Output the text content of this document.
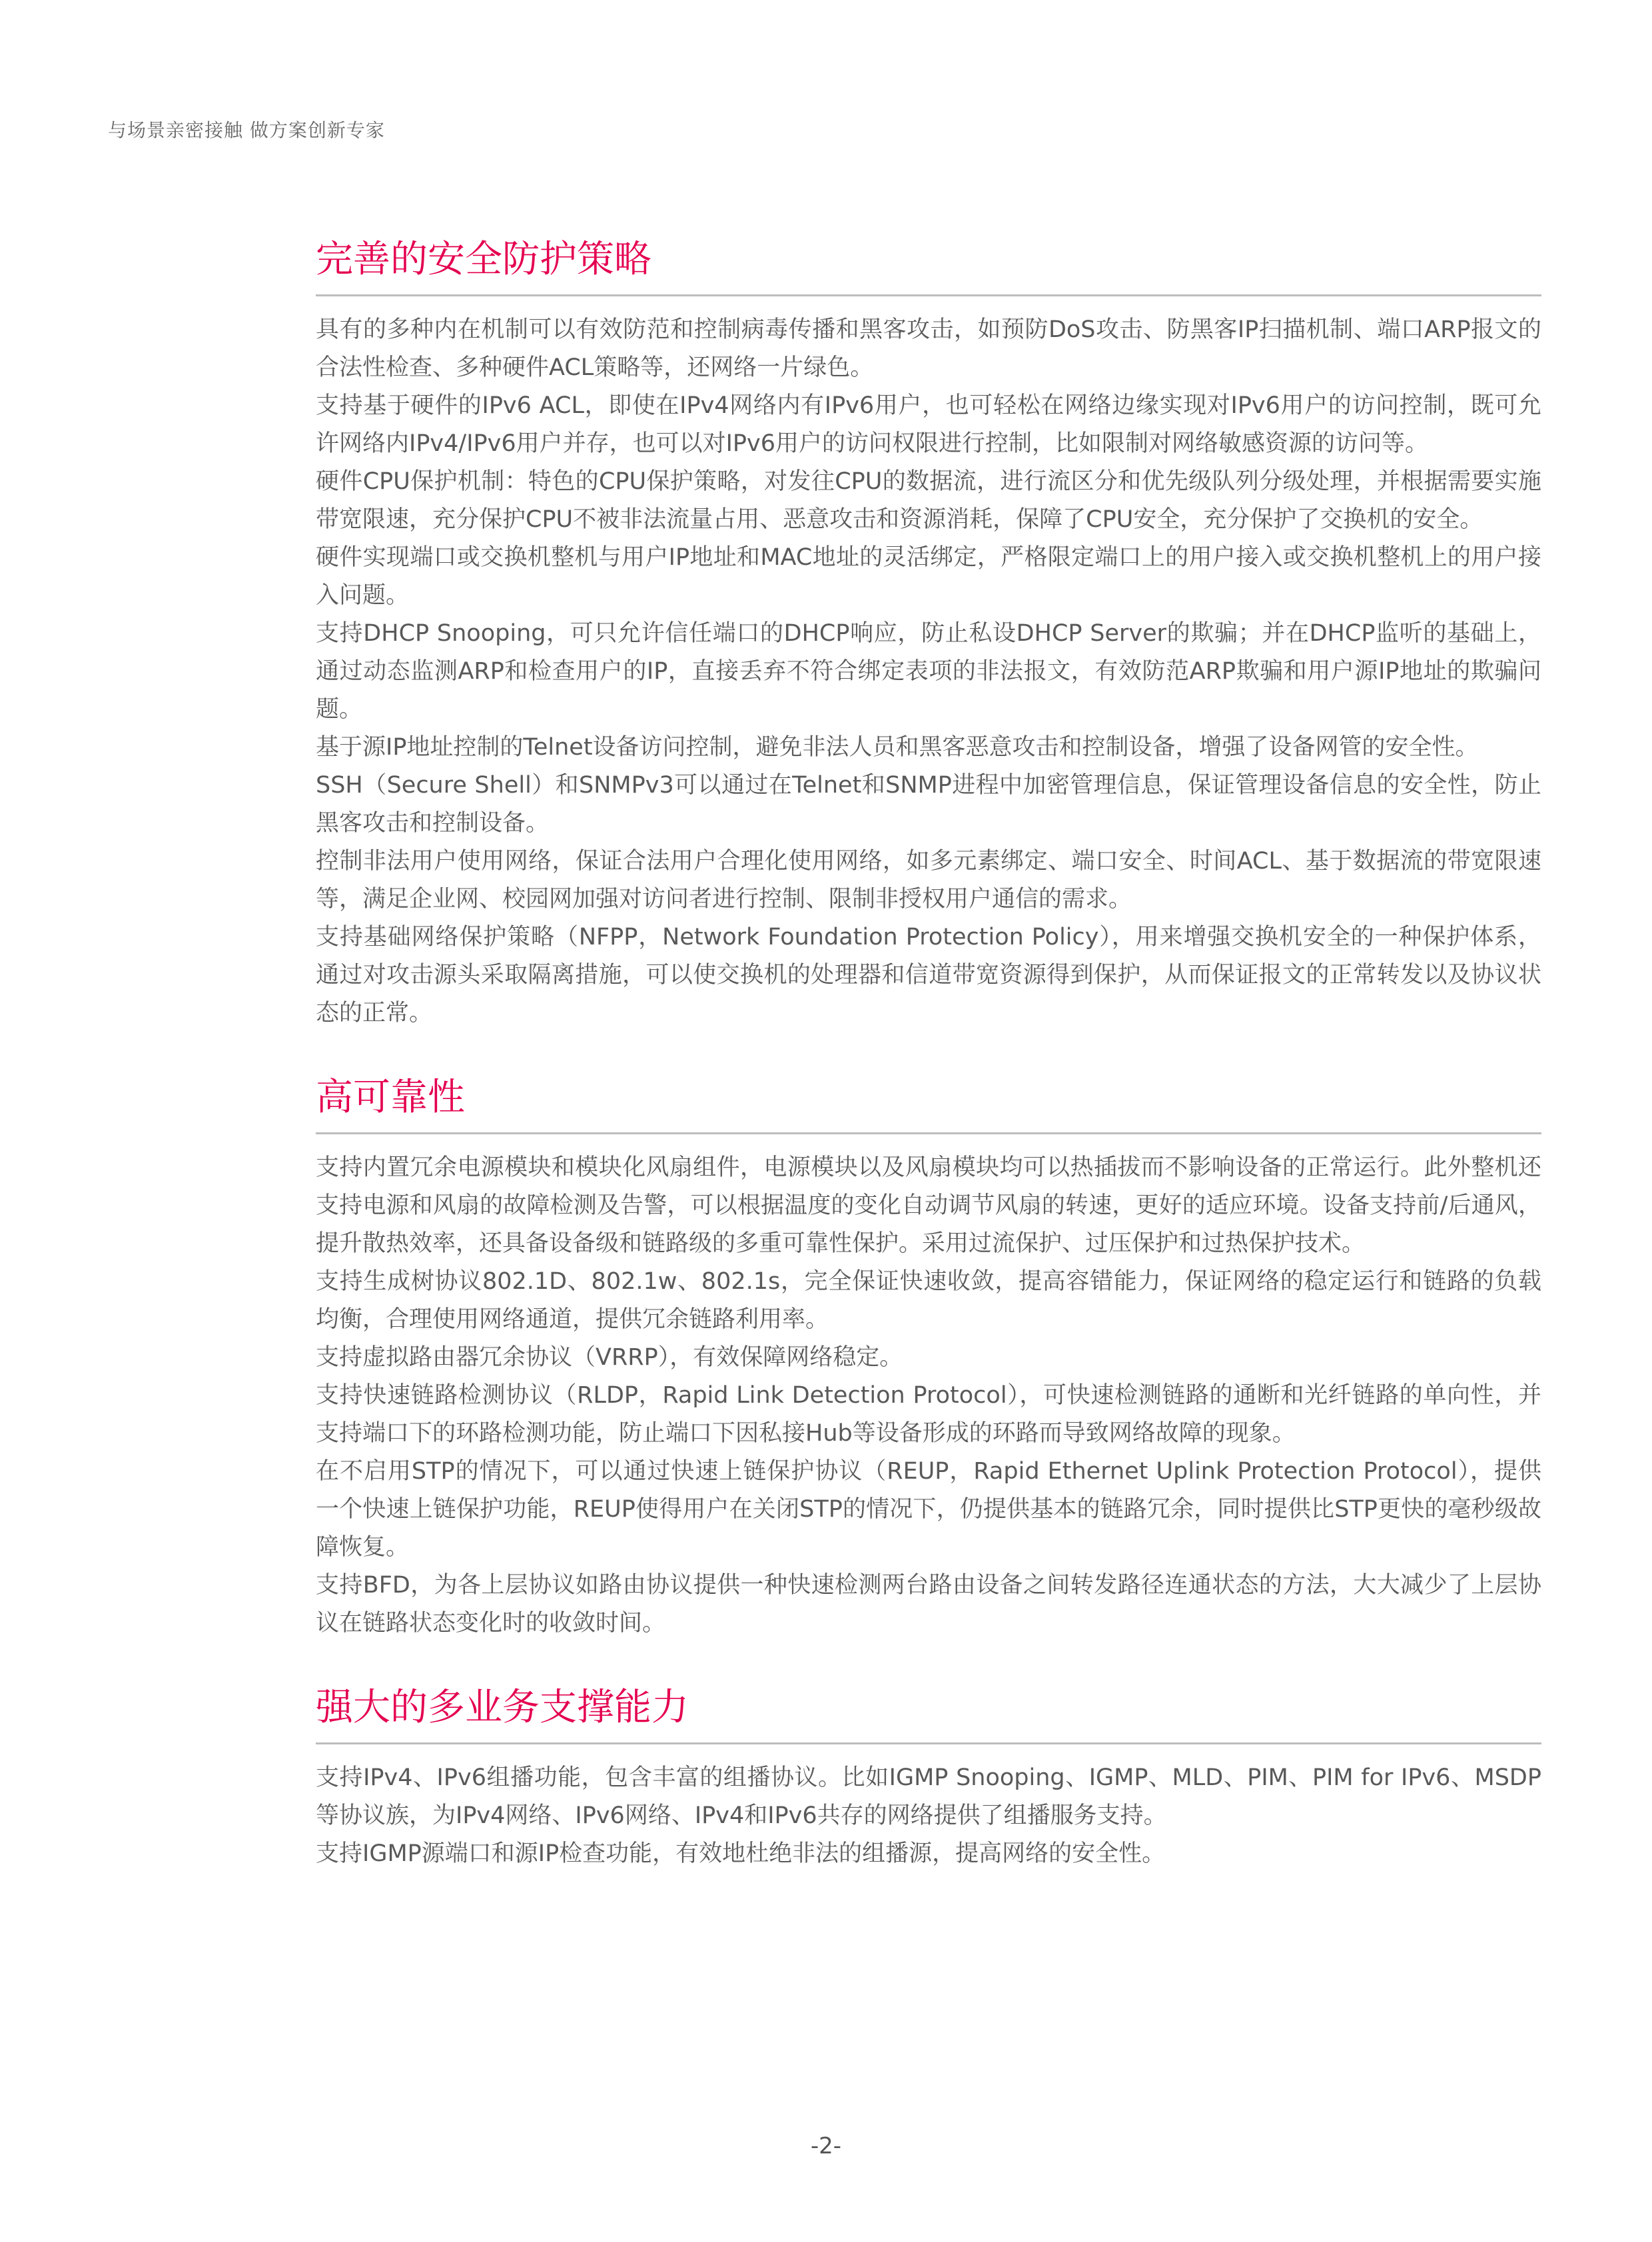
与场景亲密接触 做方案创新专家
完善的安全防护策略

具有的多种内在机制可以有效防范和控制病毒传播和黑客攻击，如预防DoS攻击、防黑客IP扫描机制、端口ARP报文的合法性检查、多种硬件ACL策略等，还网络一片绿色。

支持基于硬件的IPv6 ACL，即使在IPv4网络内有IPv6用户，也可轻松在网络边缘实现对IPv6用户的访问控制，既可允许网络内IPv4/IPv6用户并存，也可以对IPv6用户的访问权限进行控制，比如限制对网络敏感资源的访问等。

硬件CPU保护机制：特色的CPU保护策略，对发往CPU的数据流，进行流区分和优先级队列分级处理，并根据需要实施带宽限速，充分保护CPU不被非法流量占用、恶意攻击和资源消耗，保障了CPU安全，充分保护了交换机的安全。

硬件实现端口或交换机整机与用户IP地址和MAC地址的灵活绑定，严格限定端口上的用户接入或交换机整机上的用户接入问题。

支持DHCP Snooping，可只允许信任端口的DHCP响应，防止私设DHCP Server的欺骗；并在DHCP监听的基础上，通过动态监测ARP和检查用户的IP，直接丢弃不符合绑定表项的非法报文，有效防范ARP欺骗和用户源IP地址的欺骗问题。

基于源IP地址控制的Telnet设备访问控制，避免非法人员和黑客恶意攻击和控制设备，增强了设备网管的安全性。

SSH（Secure Shell）和SNMPv3可以通过在Telnet和SNMP进程中加密管理信息，保证管理设备信息的安全性，防止黑客攻击和控制设备。

控制非法用户使用网络，保证合法用户合理化使用网络，如多元素绑定、端口安全、时间ACL、基于数据流的带宽限速等，满足企业网、校园网加强对访问者进行控制、限制非授权用户通信的需求。

支持基础网络保护策略（NFPP，Network Foundation Protection Policy），用来增强交换机安全的一种保护体系，通过对攻击源头采取隔离措施，可以使交换机的处理器和信道带宽资源得到保护，从而保证报文的正常转发以及协议状态的正常。

高可靠性

支持内置冗余电源模块和模块化风扇组件，电源模块以及风扇模块均可以热插拔而不影响设备的正常运行。此外整机还支持电源和风扇的故障检测及告警，可以根据温度的变化自动调节风扇的转速，更好的适应环境。设备支持前/后通风，提升散热效率，还具备设备级和链路级的多重可靠性保护。采用过流保护、过压保护和过热保护技术。

支持生成树协议802.1D、802.1w、802.1s，完全保证快速收敛，提高容错能力，保证网络的稳定运行和链路的负载均衡，合理使用网络通道，提供冗余链路利用率。

支持虚拟路由器冗余协议（VRRP），有效保障网络稳定。

支持快速链路检测协议（RLDP，Rapid Link Detection Protocol），可快速检测链路的通断和光纤链路的单向性，并支持端口下的环路检测功能，防止端口下因私接Hub等设备形成的环路而导致网络故障的现象。

在不启用STP的情况下，可以通过快速上链保护协议（REUP，Rapid Ethernet Uplink Protection Protocol），提供一个快速上链保护功能，REUP使得用户在关闭STP的情况下，仍提供基本的链路冗余，同时提供比STP更快的毫秒级故障恢复。

支持BFD，为各上层协议如路由协议提供一种快速检测两台路由设备之间转发路径连通状态的方法，大大减少了上层协议在链路状态变化时的收敛时间。

强大的多业务支撑能力

支持IPv4、IPv6组播功能，包含丰富的组播协议。比如IGMP Snooping、IGMP、MLD、PIM、PIM for IPv6、MSDP等协议族，为IPv4网络、IPv6网络、IPv4和IPv6共存的网络提供了组播服务支持。

支持IGMP源端口和源IP检查功能，有效地杜绝非法的组播源，提高网络的安全性。

-2-
